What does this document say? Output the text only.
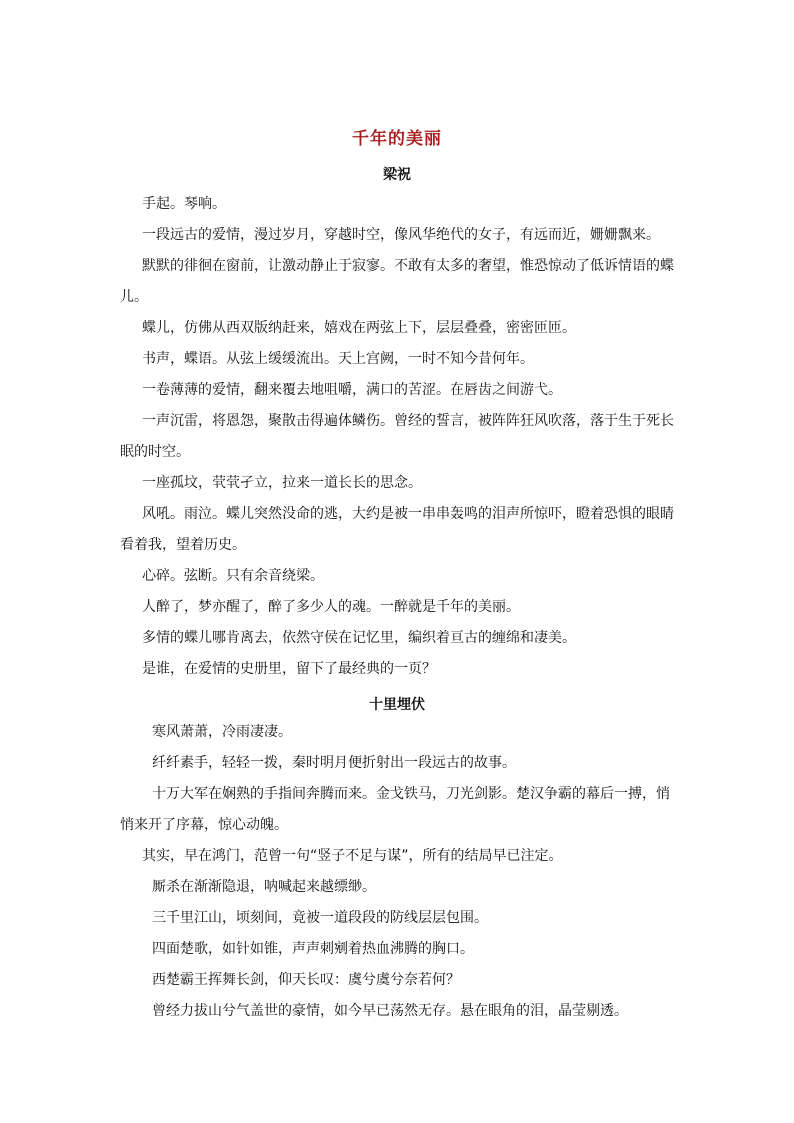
千年的美丽
梁祝

手起。琴响。

一段远古的爱情，漫过岁月，穿越时空，像风华绝代的女子，有远而近，姗姗飘来。

默默的徘徊在窗前，让激动静止于寂寥。不敢有太多的奢望，惟恐惊动了低诉情语的蝶儿。

蝶儿，仿佛从西双版纳赶来，嬉戏在两弦上下，层层叠叠，密密匝匝。

书声，蝶语。从弦上缓缓流出。天上宫阙，一时不知今昔何年。

一卷薄薄的爱情，翻来覆去地咀嚼，满口的苦涩。在唇齿之间游弋。

一声沉雷，将恩怨，聚散击得遍体鳞伤。曾经的誓言，被阵阵狂风吹落，落于生于死长眠的时空。

一座孤坟，茕茕孑立，拉来一道长长的思念。

风吼。雨泣。蝶儿突然没命的逃，大约是被一串串轰鸣的泪声所惊吓，瞪着恐惧的眼睛看着我，望着历史。

心碎。弦断。只有余音绕梁。

人醉了，梦亦醒了，醉了多少人的魂。一醉就是千年的美丽。

多情的蝶儿哪肯离去，依然守侯在记忆里，编织着亘古的缠绵和凄美。

是谁，在爱情的史册里，留下了最经典的一页？

十里埋伏

寒风萧萧，冷雨凄凄。

纤纤素手，轻轻一拨，秦时明月便折射出一段远古的故事。

十万大军在娴熟的手指间奔腾而来。金戈铁马，刀光剑影。楚汉争霸的幕后一搏，悄悄来开了序幕，惊心动魄。

其实，早在鸿门，范曾一句“竖子不足与谋”，所有的结局早已注定。

厮杀在渐渐隐退，呐喊起来越缥缈。

三千里江山，顷刻间，竟被一道段段的防线层层包围。

四面楚歌，如针如锥，声声刺剜着热血沸腾的胸口。

西楚霸王挥舞长剑，仰天长叹：虞兮虞兮奈若何？

曾经力拔山兮气盖世的豪情，如今早已荡然无存。悬在眼角的泪，晶莹剔透。
